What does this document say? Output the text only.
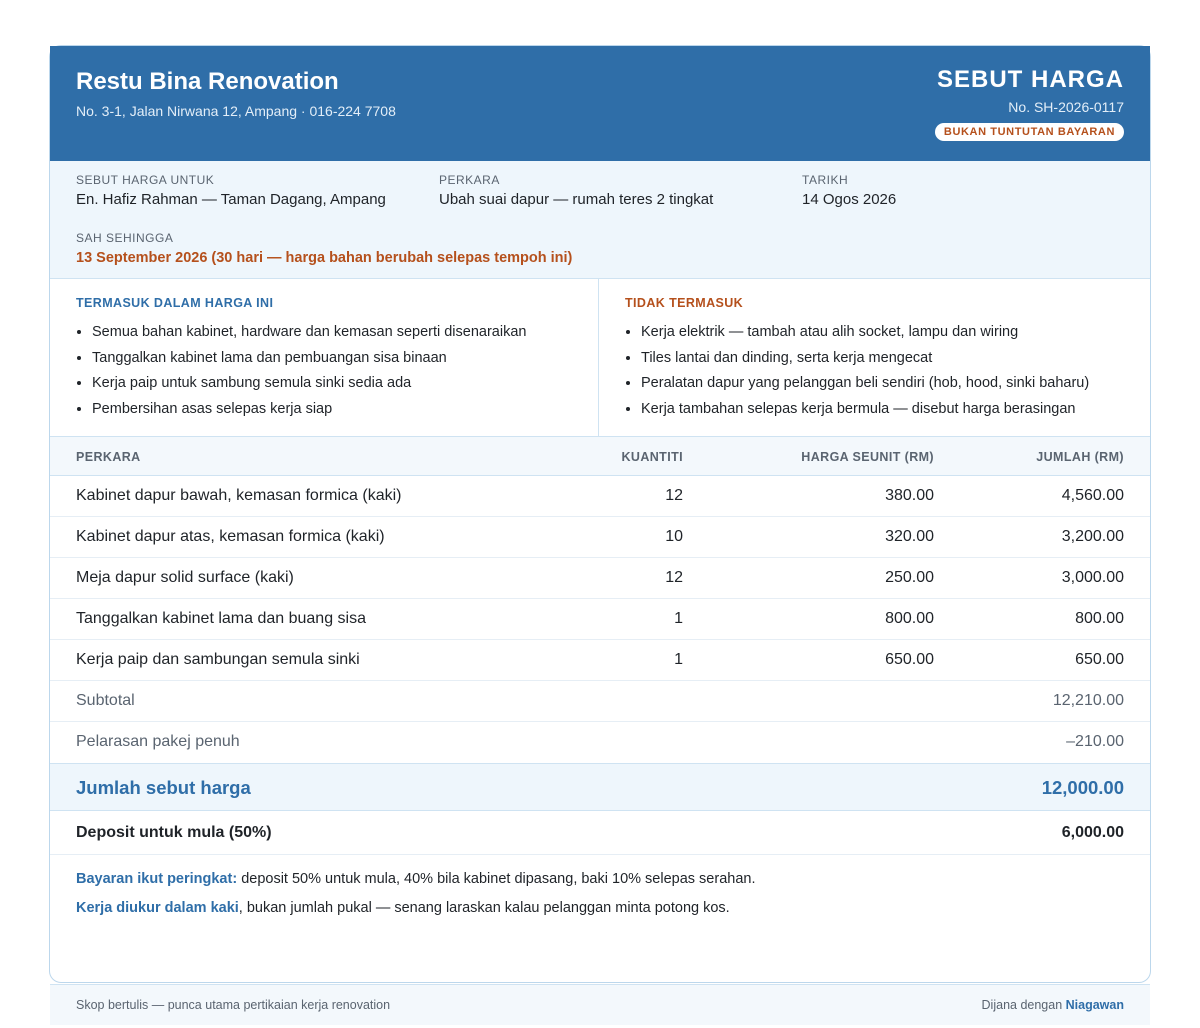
Restu Bina Renovation
No. 3-1, Jalan Nirwana 12, Ampang · 016-224 7708
SEBUT HARGA
No. SH-2026-0117
BUKAN TUNTUTAN BAYARAN
SEBUT HARGA UNTUK
En. Hafiz Rahman — Taman Dagang, Ampang
PERKARA
Ubah suai dapur — rumah teres 2 tingkat
TARIKH
14 Ogos 2026
SAH SEHINGGA
13 September 2026 (30 hari — harga bahan berubah selepas tempoh ini)
TERMASUK DALAM HARGA INI
• Semua bahan kabinet, hardware dan kemasan seperti disenaraikan
• Tanggalkan kabinet lama dan pembuangan sisa binaan
• Kerja paip untuk sambung semula sinki sedia ada
• Pembersihan asas selepas kerja siap
TIDAK TERMASUK
• Kerja elektrik — tambah atau alih socket, lampu dan wiring
• Tiles lantai dan dinding, serta kerja mengecat
• Peralatan dapur yang pelanggan beli sendiri (hob, hood, sinki baharu)
• Kerja tambahan selepas kerja bermula — disebut harga berasingan
PERKARA	KUANTITI	HARGA SEUNIT (RM)	JUMLAH (RM)
Kabinet dapur bawah, kemasan formica (kaki)	12	380.00	4,560.00
Kabinet dapur atas, kemasan formica (kaki)	10	320.00	3,200.00
Meja dapur solid surface (kaki)	12	250.00	3,000.00
Tanggalkan kabinet lama dan buang sisa	1	800.00	800.00
Kerja paip dan sambungan semula sinki	1	650.00	650.00
Subtotal	12,210.00
Pelarasan pakej penuh	–210.00
Jumlah sebut harga	12,000.00
Deposit untuk mula (50%)	6,000.00
Bayaran ikut peringkat: deposit 50% untuk mula, 40% bila kabinet dipasang, baki 10% selepas serahan.
Kerja diukur dalam kaki, bukan jumlah pukal — senang laraskan kalau pelanggan minta potong kos.
Skop bertulis — punca utama pertikaian kerja renovation	Dijana dengan Niagawan
